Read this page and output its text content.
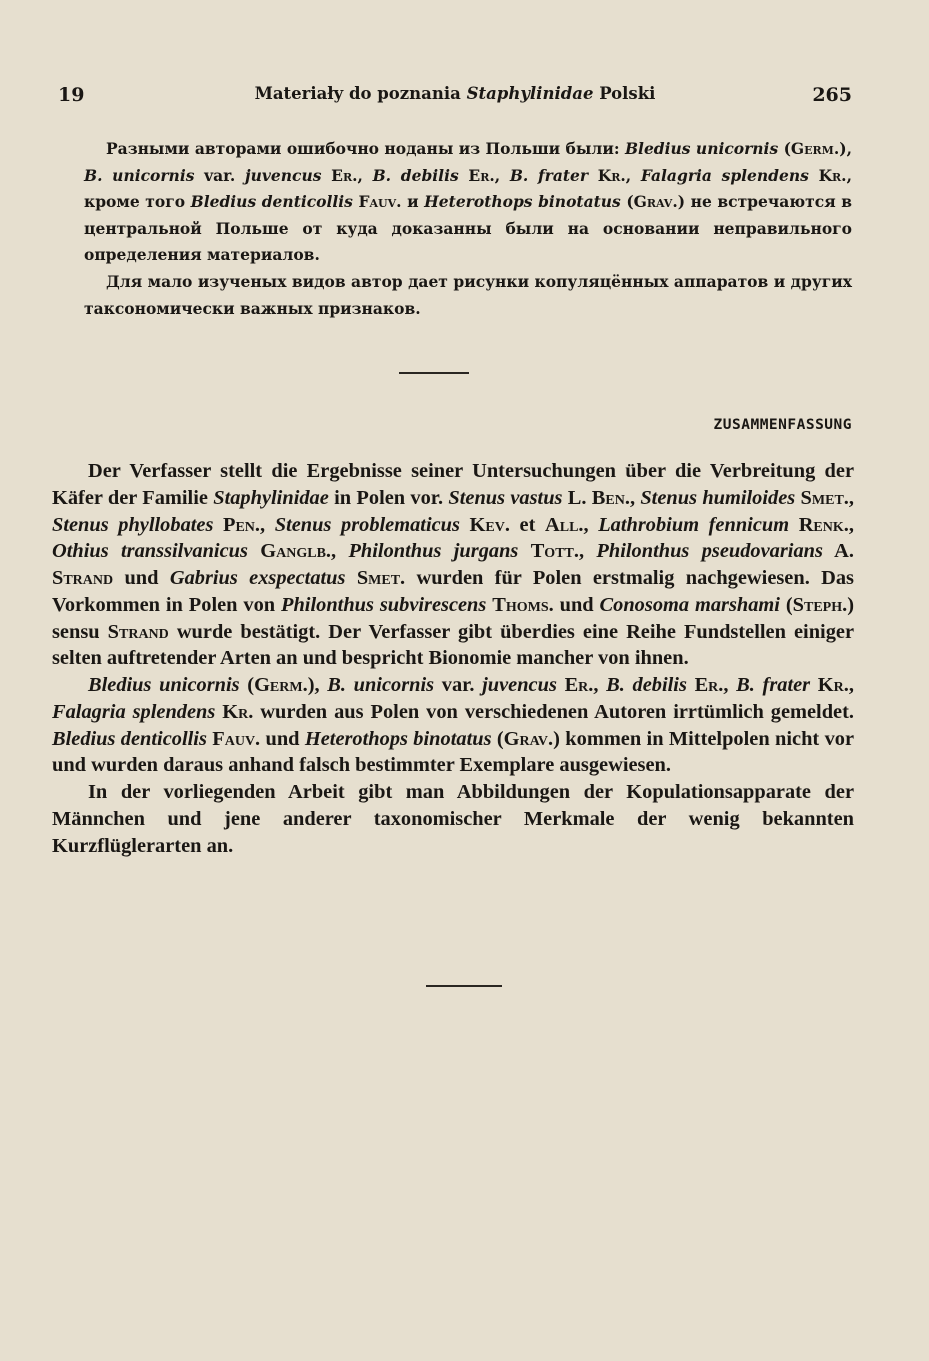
19	Materiały do poznania Staphylinidae Polski	265

Разными авторами ошибочно ноданы из Польши были: Bledius unicornis (Germ.), B. unicornis var. juvencus Er., B. debilis Er., B. frater Kr., Falagria splendens Kr., кроме того Bledius denticollis Fauv. и Heterothops binotatus (Grav.) не встречаются в центральной Польше от куда доказанны были на основании неправильного определения материалов.

Для мало изученых видов автор дает рисунки копуляцённых аппаратов и других таксономически важных признаков.

ZUSAMMENFASSUNG

Der Verfasser stellt die Ergebnisse seiner Untersuchungen über die Verbreitung der Käfer der Familie Staphylinidae in Polen vor. Stenus vastus L. Ben., Stenus humiloides Smet., Stenus phyllobates Pen., Stenus problematicus Kev. et All., Lathrobium fennicum Renk., Othius transsilvanicus Ganglb., Philonthus jurgans Tott., Philonthus pseudovarians A. Strand und Gabrius exspectatus Smet. wurden für Polen erstmalig nachgewiesen. Das Vorkommen in Polen von Philonthus subvirescens Thoms. und Conosoma marshami (Steph.) sensu Strand wurde bestätigt. Der Verfasser gibt überdies eine Reihe Fundstellen einiger selten auftretender Arten an und bespricht Bionomie mancher von ihnen.

Bledius unicornis (Germ.), B. unicornis var. juvencus Er., B. debilis Er., B. frater Kr., Falagria splendens Kr. wurden aus Polen von verschiedenen Autoren irrtümlich gemeldet. Bledius denticollis Fauv. und Heterothops binotatus (Grav.) kommen in Mittelpolen nicht vor und wurden daraus anhand falsch bestimmter Exemplare ausgewiesen.

In der vorliegenden Arbeit gibt man Abbildungen der Kopulationsapparate der Männchen und jene anderer taxonomischer Merkmale der wenig bekannten Kurzflüglerarten an.
